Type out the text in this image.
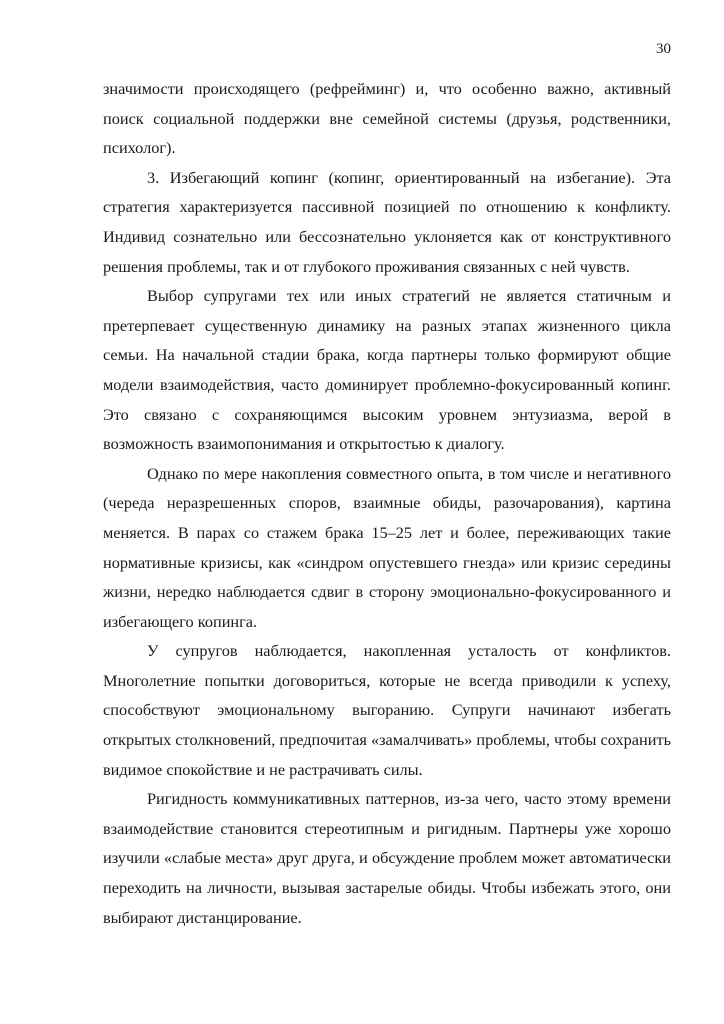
30

значимости происходящего (рефрейминг) и, что особенно важно, активный поиск социальной поддержки вне семейной системы (друзья, родственники, психолог).

3. Избегающий копинг (копинг, ориентированный на избегание). Эта стратегия характеризуется пассивной позицией по отношению к конфликту. Индивид сознательно или бессознательно уклоняется как от конструктивного решения проблемы, так и от глубокого проживания связанных с ней чувств.

Выбор супругами тех или иных стратегий не является статичным и претерпевает существенную динамику на разных этапах жизненного цикла семьи. На начальной стадии брака, когда партнеры только формируют общие модели взаимодействия, часто доминирует проблемно-фокусированный копинг. Это связано с сохраняющимся высоким уровнем энтузиазма, верой в возможность взаимопонимания и открытостью к диалогу.

Однако по мере накопления совместного опыта, в том числе и негативного (череда неразрешенных споров, взаимные обиды, разочарования), картина меняется. В парах со стажем брака 15–25 лет и более, переживающих такие нормативные кризисы, как «синдром опустевшего гнезда» или кризис середины жизни, нередко наблюдается сдвиг в сторону эмоционально-фокусированного и избегающего копинга.

У супругов наблюдается, накопленная усталость от конфликтов. Многолетние попытки договориться, которые не всегда приводили к успеху, способствуют эмоциональному выгоранию. Супруги начинают избегать открытых столкновений, предпочитая «замалчивать» проблемы, чтобы сохранить видимое спокойствие и не растрачивать силы.

Ригидность коммуникативных паттернов, из-за чего, часто этому времени взаимодействие становится стереотипным и ригидным. Партнеры уже хорошо изучили «слабые места» друг друга, и обсуждение проблем может автоматически переходить на личности, вызывая застарелые обиды. Чтобы избежать этого, они выбирают дистанцирование.
